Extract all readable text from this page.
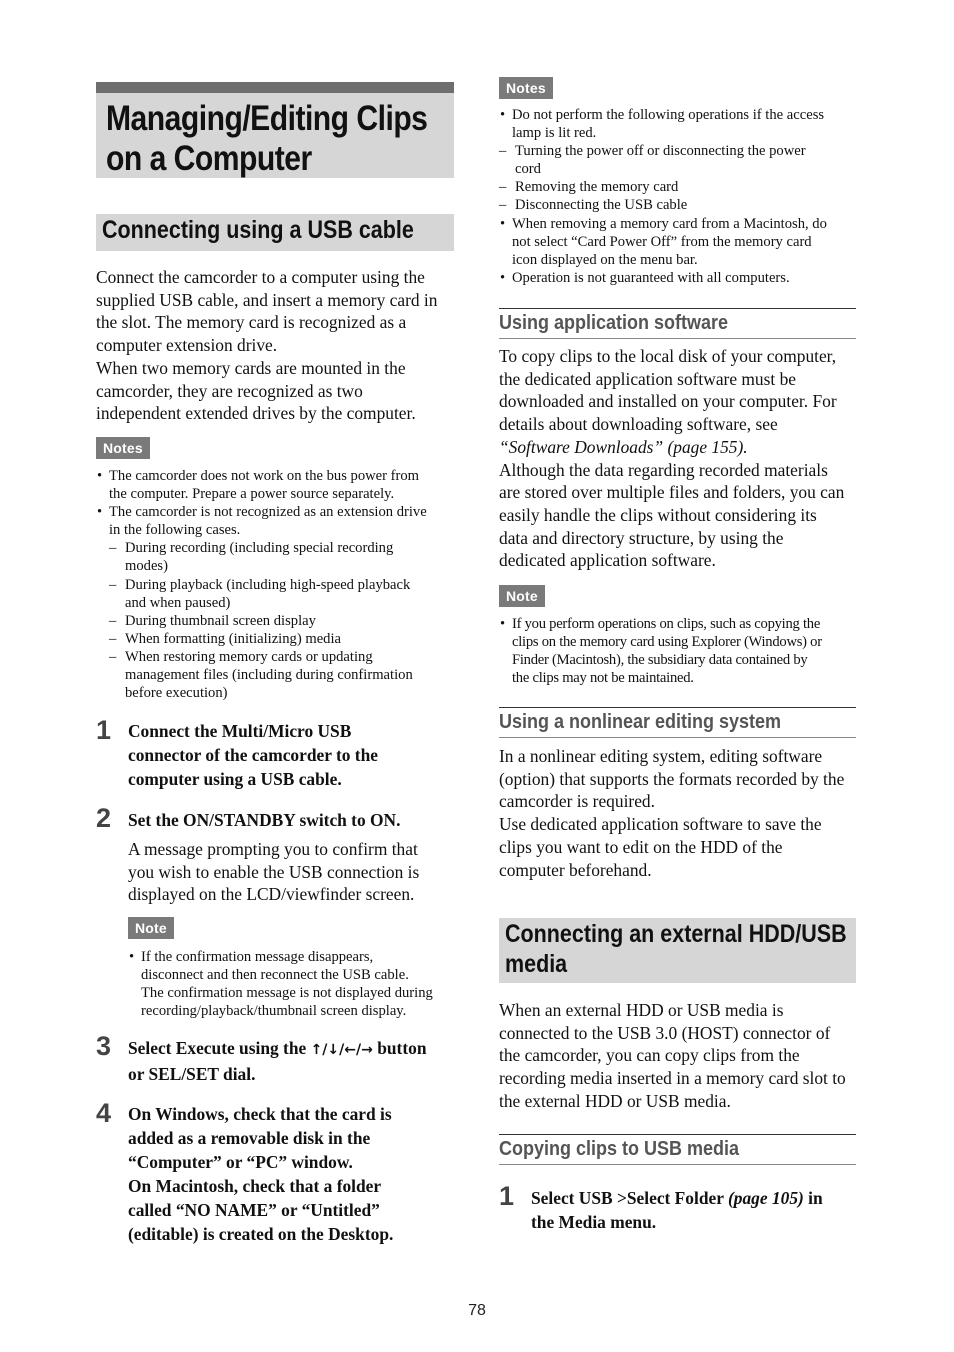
Managing/Editing Clips
on a Computer
Connecting using a USB cable

Connect the camcorder to a computer using the
supplied USB cable, and insert a memory card in
the slot. The memory card is recognized as a
computer extension drive.
When two memory cards are mounted in the
camcorder, they are recognized as two
independent extended drives by the computer.

Notes
• The camcorder does not work on the bus power from
the computer. Prepare a power source separately.
• The camcorder is not recognized as an extension drive
in the following cases.
– During recording (including special recording
modes)
– During playback (including high-speed playback
and when paused)
– During thumbnail screen display
– When formatting (initializing) media
– When restoring memory cards or updating
management files (including during confirmation
before execution)
1 Connect the Multi/Micro USB
connector of the camcorder to the
computer using a USB cable.

2 Set the ON/STANDBY switch to ON.

A message prompting you to confirm that
you wish to enable the USB connection is
displayed on the LCD/viewfinder screen.

Note
• If the confirmation message disappears,
disconnect and then reconnect the USB cable.
The confirmation message is not displayed during
recording/playback/thumbnail screen display.
3 Select Execute using the ↑/↓/←/→ button
or SEL/SET dial.

4 On Windows, check that the card is
added as a removable disk in the
“Computer” or “PC” window.
On Macintosh, check that a folder
called “NO NAME” or “Untitled”
(editable) is created on the Desktop.

Notes
• Do not perform the following operations if the access
lamp is lit red.
– Turning the power off or disconnecting the power
cord
– Removing the memory card
– Disconnecting the USB cable
• When removing a memory card from a Macintosh, do
not select “Card Power Off” from the memory card
icon displayed on the menu bar.
• Operation is not guaranteed with all computers.
Using application software

To copy clips to the local disk of your computer,
the dedicated application software must be
downloaded and installed on your computer. For
details about downloading software, see
“Software Downloads” (page 155).
Although the data regarding recorded materials
are stored over multiple files and folders, you can
easily handle the clips without considering its
data and directory structure, by using the
dedicated application software.

Note
• If you perform operations on clips, such as copying the
clips on the memory card using Explorer (Windows) or
Finder (Macintosh), the subsidiary data contained by
the clips may not be maintained.
Using a nonlinear editing system

In a nonlinear editing system, editing software
(option) that supports the formats recorded by the
camcorder is required.
Use dedicated application software to save the
clips you want to edit on the HDD of the
computer beforehand.

Connecting an external HDD/USB
media

When an external HDD or USB media is
connected to the USB 3.0 (HOST) connector of
the camcorder, you can copy clips from the
recording media inserted in a memory card slot to
the external HDD or USB media.

Copying clips to USB media
1 Select USB >Select Folder (page 105) in
the Media menu.

78
